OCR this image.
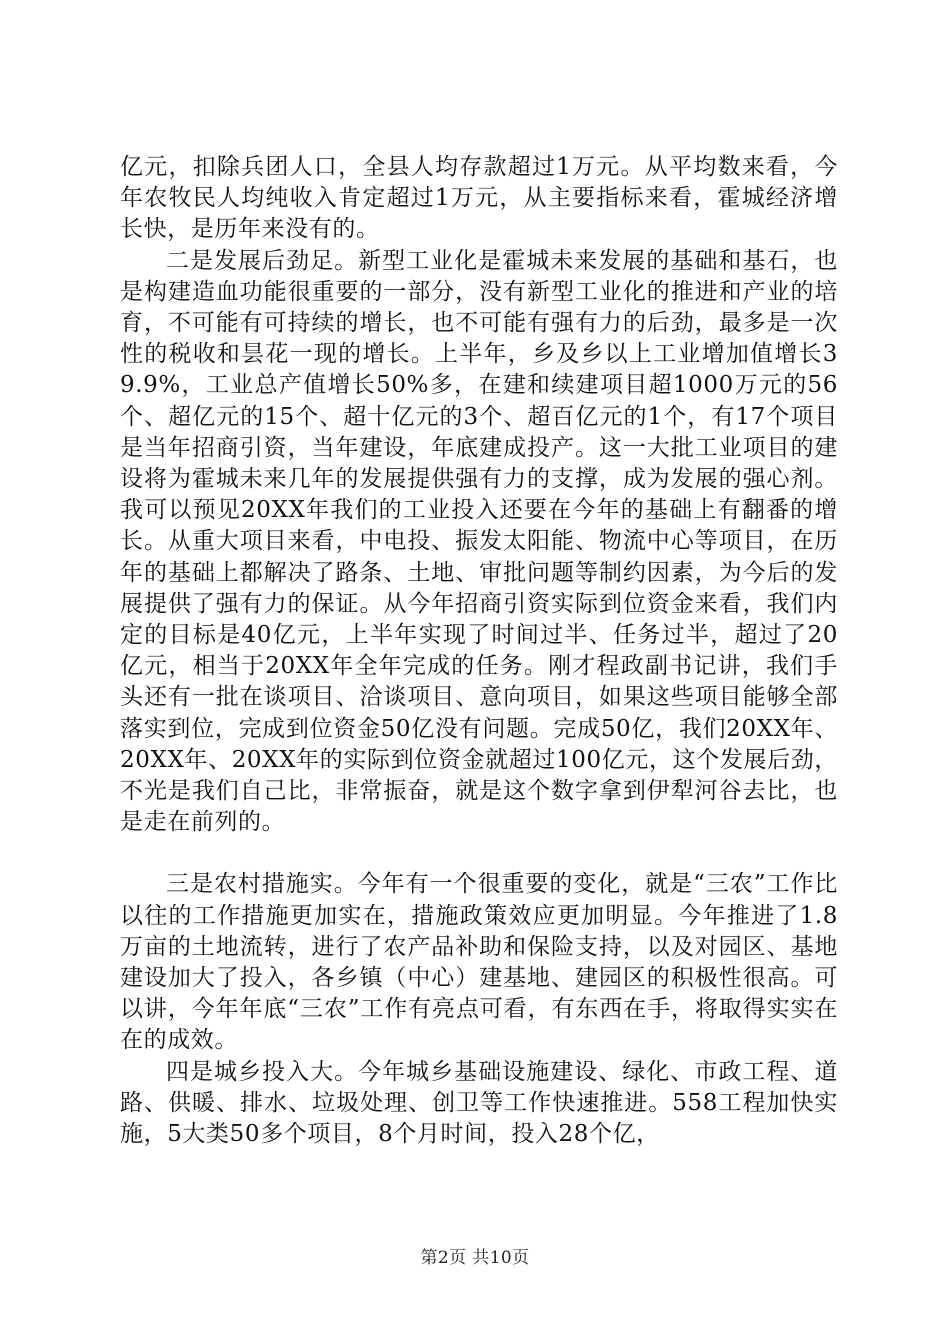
亿元，扣除兵团人口，全县人均存款超过1万元。从平均数来看，今年农牧民人均纯收入肯定超过1万元，从主要指标来看，霍城经济增长快，是历年来没有的。

二是发展后劲足。新型工业化是霍城未来发展的基础和基石，也是构建造血功能很重要的一部分，没有新型工业化的推进和产业的培育，不可能有可持续的增长，也不可能有强有力的后劲，最多是一次性的税收和昙花一现的增长。上半年，乡及乡以上工业增加值增长39.9%，工业总产值增长50%多，在建和续建项目超1000万元的56个、超亿元的15个、超十亿元的3个、超百亿元的1个，有17个项目是当年招商引资，当年建设，年底建成投产。这一大批工业项目的建设将为霍城未来几年的发展提供强有力的支撑，成为发展的强心剂。我可以预见20XX年我们的工业投入还要在今年的基础上有翻番的增长。从重大项目来看，中电投、振发太阳能、物流中心等项目，在历年的基础上都解决了路条、土地、审批问题等制约因素，为今后的发展提供了强有力的保证。从今年招商引资实际到位资金来看，我们内定的目标是40亿元，上半年实现了时间过半、任务过半，超过了20亿元，相当于20XX年全年完成的任务。刚才程政副书记讲，我们手头还有一批在谈项目、洽谈项目、意向项目，如果这些项目能够全部落实到位，完成到位资金50亿没有问题。完成50亿，我们20XX年、20XX年、20XX年的实际到位资金就超过100亿元，这个发展后劲，不光是我们自己比，非常振奋，就是这个数字拿到伊犁河谷去比，也是走在前列的。

三是农村措施实。今年有一个很重要的变化，就是“三农”工作比以往的工作措施更加实在，措施政策效应更加明显。今年推进了1.8万亩的土地流转，进行了农产品补助和保险支持，以及对园区、基地建设加大了投入，各乡镇（中心）建基地、建园区的积极性很高。可以讲，今年年底“三农”工作有亮点可看，有东西在手，将取得实实在在的成效。

四是城乡投入大。今年城乡基础设施建设、绿化、市政工程、道路、供暖、排水、垃圾处理、创卫等工作快速推进。558工程加快实施，5大类50多个项目，8个月时间，投入28个亿，

第2页 共10页
